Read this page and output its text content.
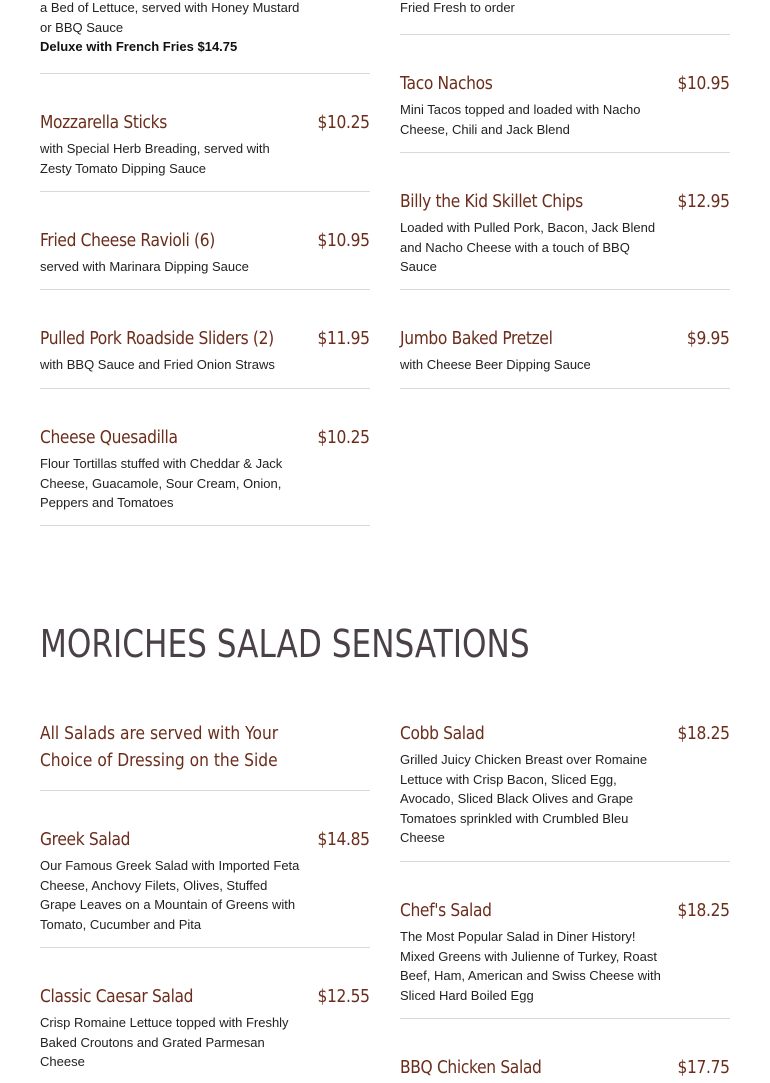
a Bed of Lettuce, served with Honey Mustard or BBQ Sauce
Deluxe with French Fries $14.75
Mozzarella Sticks	$10.25
with Special Herb Breading, served with Zesty Tomato Dipping Sauce
Fried Cheese Ravioli (6)	$10.95
served with Marinara Dipping Sauce
Pulled Pork Roadside Sliders (2) $11.95
with BBQ Sauce and Fried Onion Straws
Cheese Quesadilla	$10.25
Flour Tortillas stuffed with Cheddar & Jack Cheese, Guacamole, Sour Cream, Onion, Peppers and Tomatoes
Fried Fresh to order
Taco Nachos	$10.95
Mini Tacos topped and loaded with Nacho Cheese, Chili and Jack Blend
Billy the Kid Skillet Chips	$12.95
Loaded with Pulled Pork, Bacon, Jack Blend and Nacho Cheese with a touch of BBQ Sauce
Jumbo Baked Pretzel	$9.95
with Cheese Beer Dipping Sauce
MORICHES SALAD SENSATIONS
All Salads are served with Your Choice of Dressing on the Side
Greek Salad	$14.85
Our Famous Greek Salad with Imported Feta Cheese, Anchovy Filets, Olives, Stuffed Grape Leaves on a Mountain of Greens with Tomato, Cucumber and Pita
Classic Caesar Salad	$12.55
Crisp Romaine Lettuce topped with Freshly Baked Croutons and Grated Parmesan Cheese
Cobb Salad	$18.25
Grilled Juicy Chicken Breast over Romaine Lettuce with Crisp Bacon, Sliced Egg, Avocado, Sliced Black Olives and Grape Tomatoes sprinkled with Crumbled Bleu Cheese
Chef's Salad	$18.25
The Most Popular Salad in Diner History! Mixed Greens with Julienne of Turkey, Roast Beef, Ham, American and Swiss Cheese with Sliced Hard Boiled Egg
BBQ Chicken Salad	$17.75
